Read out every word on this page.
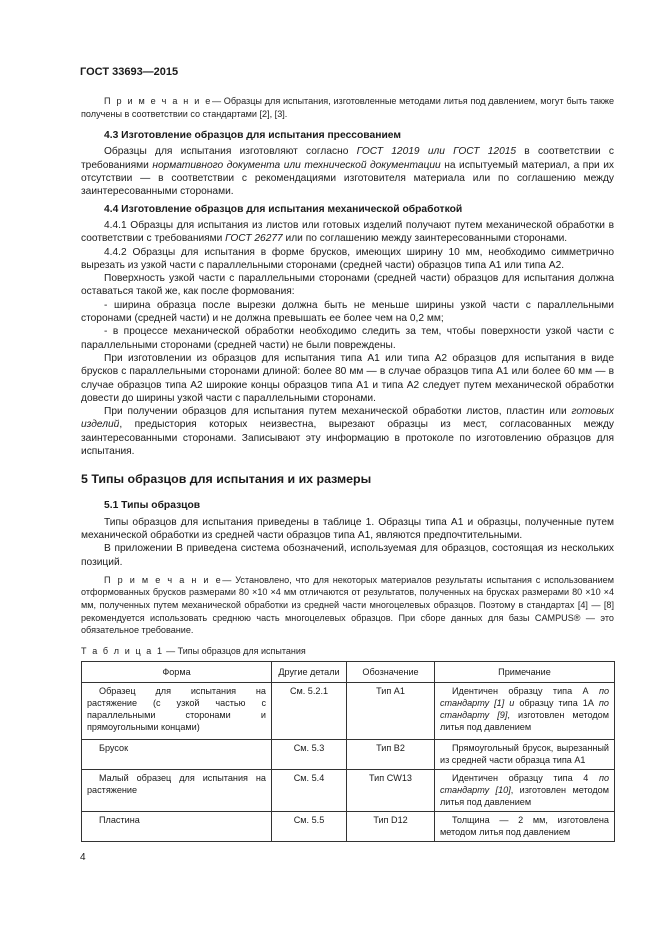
ГОСТ 33693—2015

П р и м е ч а н и е— Образцы для испытания, изготовленные методами литья под давлением, могут быть также получены в соответствии со стандартами [2], [3].

4.3 Изготовление образцов для испытания прессованием

Образцы для испытания изготовляют согласно ГОСТ 12019 или ГОСТ 12015 в соответствии с требованиями нормативного документа или технической документации на испытуемый материал, а при их отсутствии — в соответствии с рекомендациями изготовителя материала или по соглашению между заинтересованными сторонами.

4.4 Изготовление образцов для испытания механической обработкой

4.4.1 Образцы для испытания из листов или готовых изделий получают путем механической обработки в соответствии с требованиями ГОСТ 26277 или по соглашению между заинтересованными сторонами.

4.4.2 Образцы для испытания в форме брусков, имеющих ширину 10 мм, необходимо симметрично вырезать из узкой части с параллельными сторонами (средней части) образцов типа А1 или типа А2.

Поверхность узкой части с параллельными сторонами (средней части) образцов для испытания должна оставаться такой же, как после формования:

- ширина образца после вырезки должна быть не меньше ширины узкой части с параллельными сторонами (средней части) и не должна превышать ее более чем на 0,2 мм;

- в процессе механической обработки необходимо следить за тем, чтобы поверхности узкой части с параллельными сторонами (средней части) не были повреждены.

При изготовлении из образцов для испытания типа А1 или типа А2 образцов для испытания в виде брусков с параллельными сторонами длиной: более 80 мм — в случае образцов типа А1 или более 60 мм — в случае образцов типа А2 широкие концы образцов типа А1 и типа А2 следует путем механической обработки довести до ширины узкой части с параллельными сторонами.

При получении образцов для испытания путем механической обработки листов, пластин или готовых изделий, предыстория которых неизвестна, вырезают образцы из мест, согласованных между заинтересованными сторонами. Записывают эту информацию в протоколе по изготовлению образцов для испытания.

5 Типы образцов для испытания и их размеры
5.1 Типы образцов

Типы образцов для испытания приведены в таблице 1. Образцы типа А1 и образцы, полученные путем механической обработки из средней части образцов типа А1, являются предпочтительными.

В приложении В приведена система обозначений, используемая для образцов, состоящая из нескольких позиций.

П р и м е ч а н и е— Установлено, что для некоторых материалов результаты испытания с использованием отформованных брусков размерами 80 ×10 ×4 мм отличаются от результатов, полученных на брусках размерами 80 ×10 ×4 мм, полученных путем механической обработки из средней части многоцелевых образцов. Поэтому в стандартах [4] — [8] рекомендуется использовать среднюю часть многоцелевых образцов. При сборе данных для базы CAMPUS® — это обязательное требование.

Т а б л и ц а 1 — Типы образцов для испытания
Форма	Другие детали	Обозначение	Примечание
Образец для испытания на растяжение (с узкой частью с параллельными сторонами и прямоугольными концами)	См. 5.2.1	Тип А1	Идентичен образцу типа А по стандарту [1] и образцу типа 1А по стандарту [9], изготовлен методом литья под давлением
Брусок	См. 5.3	Тип В2	Прямоугольный брусок, вырезанный из средней части образца типа А1
Малый образец для испытания на растяжение	См. 5.4	Тип CW13	Идентичен образцу типа 4 по стандарту [10], изготовлен методом литья под давлением
Пластина	См. 5.5	Тип D12	Толщина — 2 мм, изготовлена методом литья под давлением
4
